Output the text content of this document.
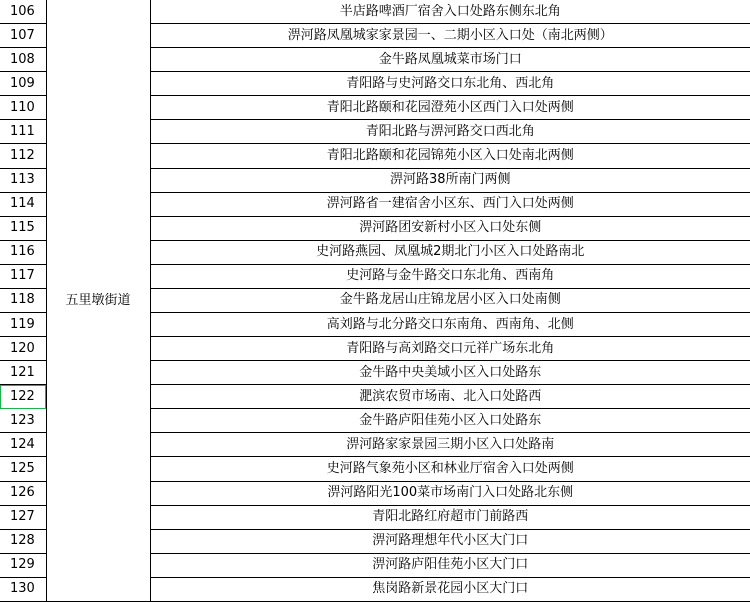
106	五里墩街道	半店路啤酒厂宿舍入口处路东侧东北角
107		淠河路凤凰城家家景园一、二期小区入口处（南北两侧）
108		金牛路凤凰城菜市场门口
109		青阳路与史河路交口东北角、西北角
110		青阳北路颐和花园澄苑小区西门入口处两侧
111		青阳北路与淠河路交口西北角
112		青阳北路颐和花园锦苑小区入口处南北两侧
113		淠河路38所南门两侧
114		淠河路省一建宿舍小区东、西门入口处两侧
115		淠河路团安新村小区入口处东侧
116		史河路燕园、凤凰城2期北门小区入口处路南北
117		史河路与金牛路交口东北角、西南角
118		金牛路龙居山庄锦龙居小区入口处南侧
119		高刘路与北分路交口东南角、西南角、北侧
120		青阳路与高刘路交口元祥广场东北角
121		金牛路中央美域小区入口处路东
122		淝滨农贸市场南、北入口处路西
123		金牛路庐阳佳苑小区入口处路东
124		淠河路家家景园三期小区入口处路南
125		史河路气象苑小区和林业厅宿舍入口处两侧
126		淠河路阳光100菜市场南门入口处路北东侧
127		青阳北路红府超市门前路西
128		淠河路理想年代小区大门口
129		淠河路庐阳佳苑小区大门口
130		焦岗路新景花园小区大门口
